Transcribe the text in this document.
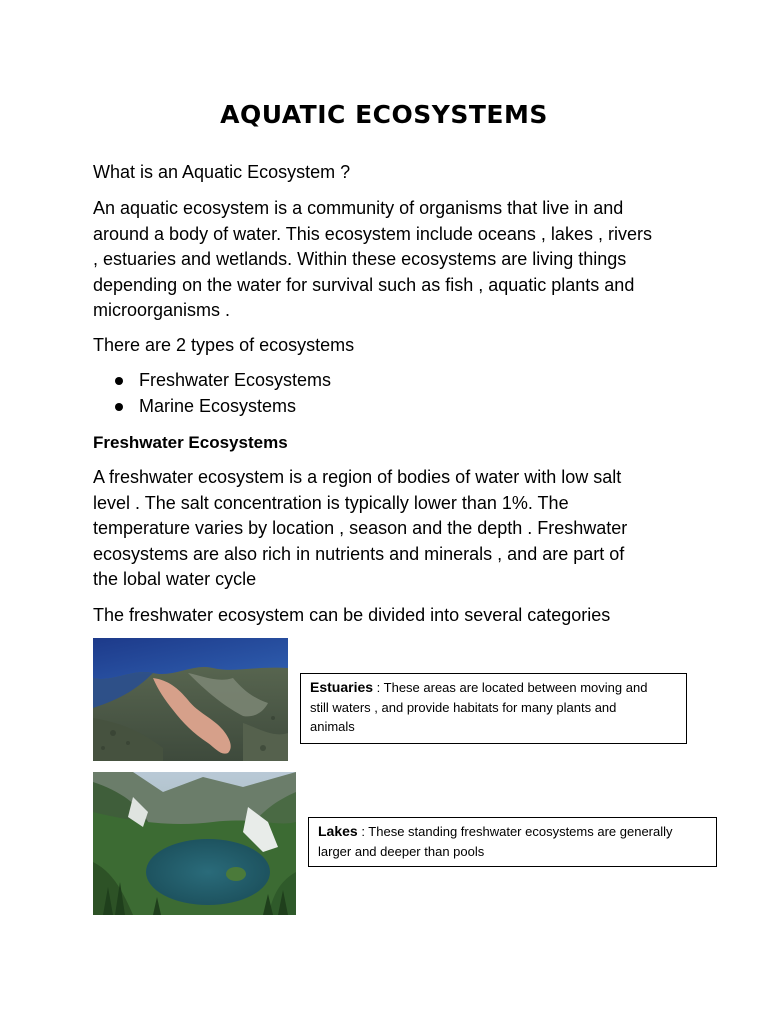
AQUATIC ECOSYSTEMS

What is an Aquatic Ecosystem ?

An aquatic ecosystem is a community of organisms that live in and
around a body of water. This ecosystem include oceans , lakes , rivers
, estuaries and wetlands. Within these ecosystems are living things
depending on the water for survival such as fish , aquatic plants and
microorganisms .

There are 2 types of ecosystems

Freshwater Ecosystems
Marine Ecosystems

Freshwater Ecosystems

A freshwater ecosystem is a region of bodies of water with low salt
level . The salt concentration is typically lower than 1%. The
temperature varies by location , season and the depth . Freshwater
ecosystems are also rich in nutrients and minerals , and are part of
the lobal water cycle

The freshwater ecosystem can be divided into several categories

Estuaries : These areas are located between moving and
still waters , and provide habitats for many plants and
animals
Lakes : These standing freshwater ecosystems are generally
larger and deeper than pools
